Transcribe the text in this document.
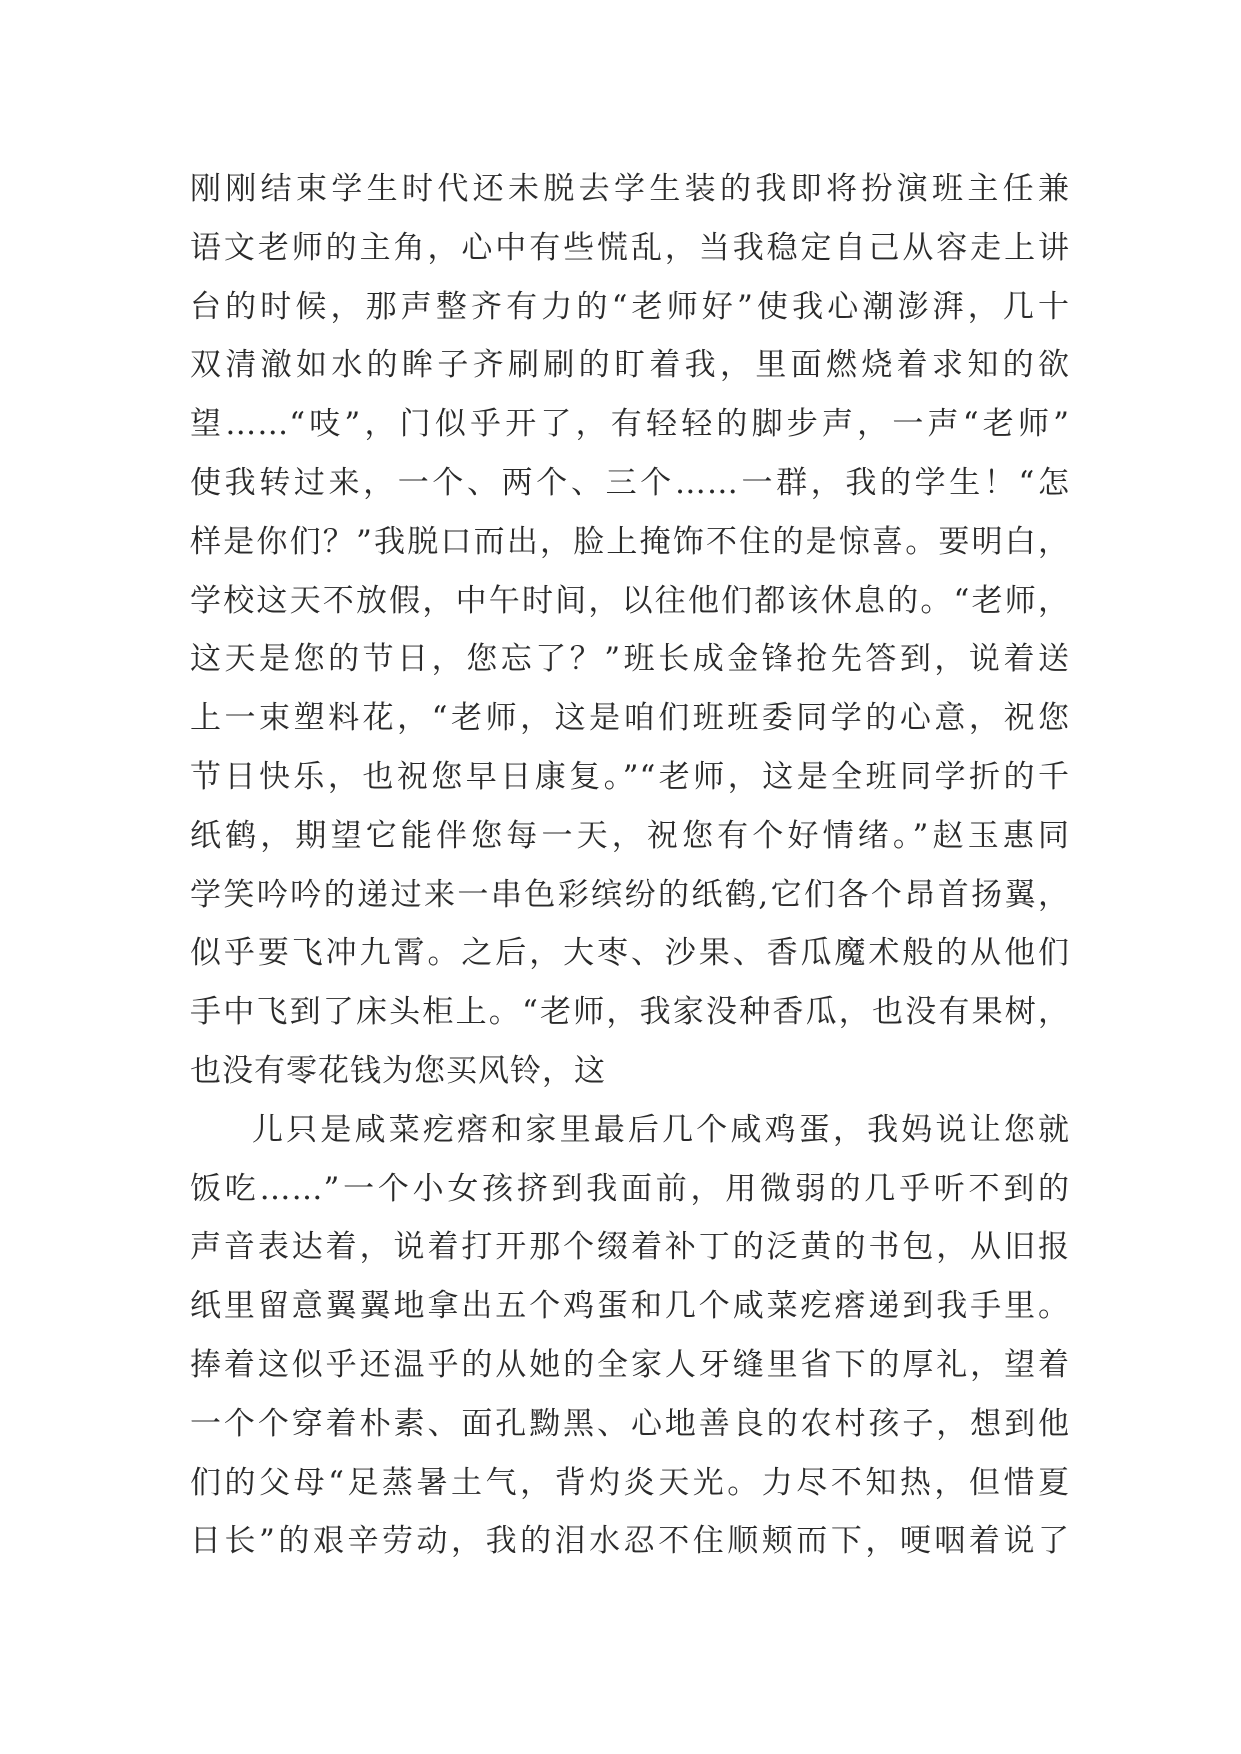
刚刚结束学生时代还未脱去学生装的我即将扮演班主任兼
语文老师的主角，心中有些慌乱，当我稳定自己从容走上讲
台的时候，那声整齐有力的“老师好”使我心潮澎湃，几十
双清澈如水的眸子齐刷刷的盯着我，里面燃烧着求知的欲
望……“吱”，门似乎开了，有轻轻的脚步声，一声“老师”
使我转过来，一个、两个、三个……一群，我的学生！“怎
样是你们？”我脱口而出，脸上掩饰不住的是惊喜。要明白，
学校这天不放假，中午时间，以往他们都该休息的。“老师，
这天是您的节日，您忘了？”班长成金锋抢先答到，说着送
上一束塑料花，“老师，这是咱们班班委同学的心意，祝您
节日快乐，也祝您早日康复。”“老师，这是全班同学折的千
纸鹤，期望它能伴您每一天，祝您有个好情绪。”赵玉惠同
学笑吟吟的递过来一串色彩缤纷的纸鹤,它们各个昂首扬翼，
似乎要飞冲九霄。之后，大枣、沙果、香瓜魔术般的从他们
手中飞到了床头柜上。“老师，我家没种香瓜，也没有果树，
也没有零花钱为您买风铃，这
儿只是咸菜疙瘩和家里最后几个咸鸡蛋，我妈说让您就
饭吃……”一个小女孩挤到我面前，用微弱的几乎听不到的
声音表达着，说着打开那个缀着补丁的泛黄的书包，从旧报
纸里留意翼翼地拿出五个鸡蛋和几个咸菜疙瘩递到我手里。
捧着这似乎还温乎的从她的全家人牙缝里省下的厚礼，望着
一个个穿着朴素、面孔黝黑、心地善良的农村孩子，想到他
们的父母“足蒸暑土气，背灼炎天光。力尽不知热，但惜夏
日长”的艰辛劳动，我的泪水忍不住顺颊而下，哽咽着说了
